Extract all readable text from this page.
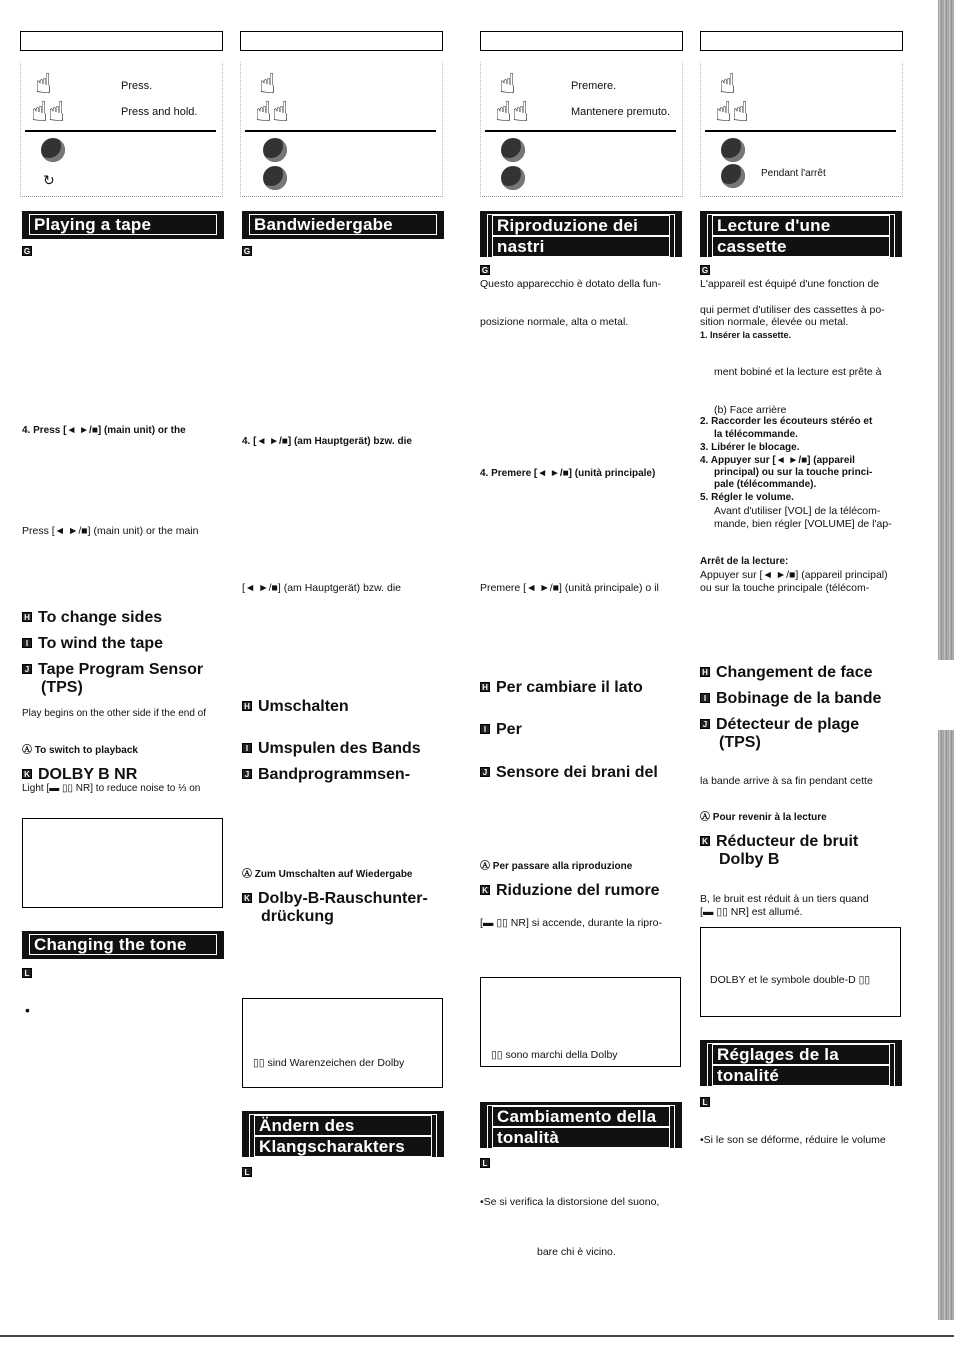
☝
☝☝
Press.
Press and hold.
↻
☝
☝☝
☝
☝☝
Premere.
Mantenere premuto.
☝
☝☝
Pendant l'arrêt
Playing a tape
G
4. Press [◄ ►/■] (main unit) or the
Press [◄ ►/■] (main unit) or the main
H To change sides
I To wind the tape
J Tape Program Sensor
(TPS)
Play begins on the other side if the end of
Ⓐ To switch to playback
K DOLBY B NR
Light [▬ ▯▯ NR] to reduce noise to ⅓ on
Changing the tone
L
•
Bandwiedergabe
G
4. [◄ ►/■] (am Hauptgerät) bzw. die
[◄ ►/■] (am Hauptgerät) bzw. die
H Umschalten
I Umspulen des Bands
J Bandprogrammsen-
Ⓐ Zum Umschalten auf Wiedergabe
K Dolby-B-Rauschunter-
drückung
▯▯ sind Warenzeichen der Dolby
Ändern des
Klangscharakters
L
Riproduzione dei
nastri
G
Questo apparecchio è dotato della fun-
posizione normale, alta o metal.
4. Premere [◄ ►/■] (unità principale)
Premere [◄ ►/■] (unità principale) o il
H Per cambiare il lato
I Per
J Sensore dei brani del
Ⓐ Per passare alla riproduzione
K Riduzione del rumore
[▬ ▯▯ NR] si accende, durante la ripro-
▯▯ sono marchi della Dolby
Cambiamento della
tonalità
L
•Se si verifica la distorsione del suono,
bare chi è vicino.
Lecture d'une
cassette
G
L'appareil est équipé d'une fonction de
qui permet d'utiliser des cassettes à po-
sition normale, élevée ou metal.
1. Insérer la cassette.
ment bobiné et la lecture est prête à
(b) Face arrière
2. Raccorder les écouteurs stéréo et
la télécommande.
3. Libérer le blocage.
4. Appuyer sur [◄ ►/■] (appareil
principal) ou sur la touche princi-
pale (télécommande).
5. Régler le volume.
Avant d'utiliser [VOL] de la télécom-
mande, bien régler [VOLUME] de l'ap-
Arrêt de la lecture:
Appuyer sur [◄ ►/■] (appareil principal)
ou sur la touche principale (télécom-
H Changement de face
I Bobinage de la bande
J Détecteur de plage
(TPS)
la bande arrive à sa fin pendant cette
Ⓐ Pour revenir à la lecture
K Réducteur de bruit
Dolby B
B, le bruit est réduit à un tiers quand
[▬ ▯▯ NR] est allumé.
DOLBY et le symbole double-D ▯▯
Réglages de la
tonalité
L
•Si le son se déforme, réduire le volume
